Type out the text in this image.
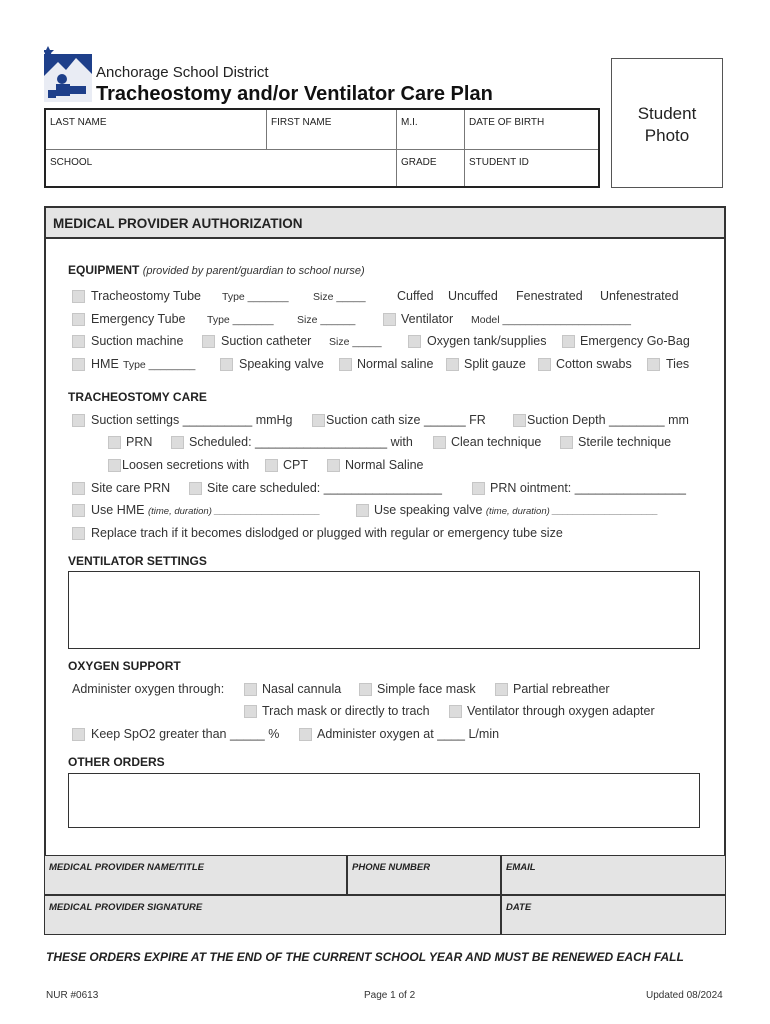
Anchorage School District
Tracheostomy and/or Ventilator Care Plan
Student
Photo
LAST NAME	FIRST NAME	M.I.	DATE OF BIRTH
SCHOOL	GRADE	STUDENT ID
MEDICAL PROVIDER AUTHORIZATION
EQUIPMENT (provided by parent/guardian to school nurse)
Tracheostomy Tube Type _______ Size _____	Cuffed Uncuffed Fenestrated Unfenestrated
Emergency Tube Type _______ Size ______	Ventilator Model ______________________
Suction machine	Suction catheter Size _____	Oxygen tank/supplies	Emergency Go-Bag
HME Type ________	Speaking valve	Normal saline Split gauze Cotton swabs	Ties
TRACHEOSTOMY CARE
Suction settings __________ mmHg	Suction cath size ______ FR	Suction Depth ________ mm
PRN	Scheduled: ___________________ with	Clean technique	Sterile technique
Loosen secretions with	CPT	Normal Saline
Site care PRN	Site care scheduled: _________________	PRN ointment: ________________
Use HME (time, duration) ____________________	Use speaking valve (time, duration) ____________________
Replace trach if it becomes dislodged or plugged with regular or emergency tube size
VENTILATOR SETTINGS
OXYGEN SUPPORT
Administer oxygen through:	Nasal cannula	Simple face mask	Partial rebreather
Trach mask or directly to trach	Ventilator through oxygen adapter
Keep SpO2 greater than _____ %	Administer oxygen at ____ L/min
OTHER ORDERS
MEDICAL PROVIDER NAME/TITLE	PHONE NUMBER	EMAIL
MEDICAL PROVIDER SIGNATURE	DATE
THESE ORDERS EXPIRE AT THE END OF THE CURRENT SCHOOL YEAR AND MUST BE RENEWED EACH FALL
NUR #0613	Page 1 of 2	Updated 08/2024
